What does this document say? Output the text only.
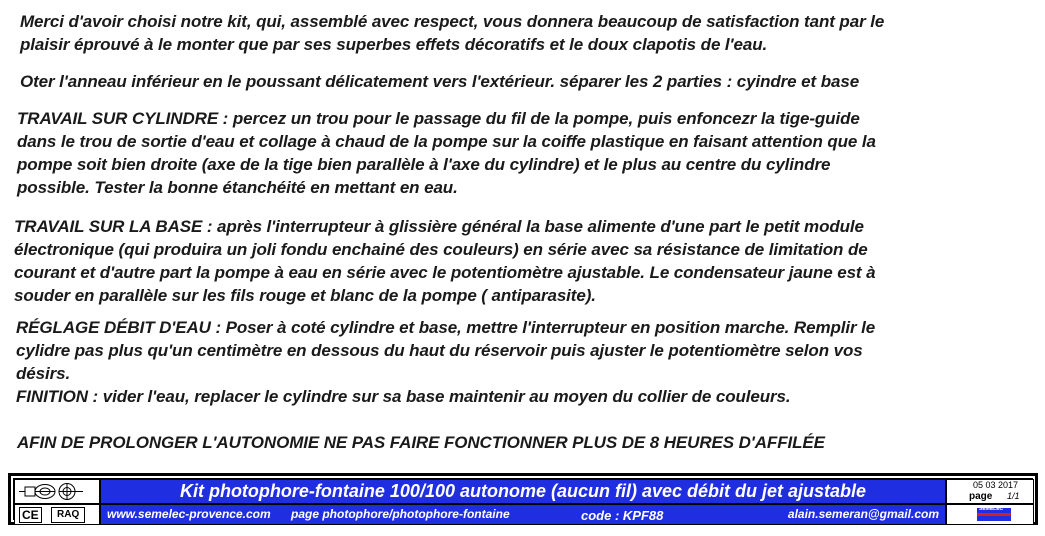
Merci d'avoir choisi notre kit, qui, assemblé avec respect, vous donnera beaucoup de satisfaction tant par le
plaisir éprouvé à le monter que par ses superbes effets décoratifs et le doux clapotis de l'eau.
Oter l'anneau inférieur en le poussant délicatement vers l'extérieur. séparer les 2 parties : cyindre et base
TRAVAIL SUR CYLINDRE : percez un trou pour le passage du fil de la pompe, puis enfoncezr la tige-guide
dans le trou de sortie d'eau et collage à chaud de la pompe sur la coiffe plastique en faisant attention que la
pompe soit bien droite (axe de la tige bien parallèle à l'axe du cylindre) et le plus au centre du cylindre
possible. Tester la bonne étanchéité en mettant en eau.
TRAVAIL SUR LA BASE : après l'interrupteur à glissière général la base alimente d'une part le petit module
électronique (qui produira un joli fondu enchainé des couleurs) en série avec sa résistance de limitation de
courant et d'autre part la pompe à eau en série avec le potentiomètre ajustable. Le condensateur jaune est à
souder en parallèle sur les fils rouge et blanc de la pompe ( antiparasite).
RÉGLAGE DÉBIT D'EAU : Poser à coté cylindre et base, mettre l'interrupteur en position marche. Remplir le
cylidre pas plus qu'un centimètre en dessous du haut du réservoir puis ajuster le potentiomètre selon vos
désirs.
FINITION : vider l'eau, replacer le cylindre sur sa base maintenir au moyen du collier de couleurs.
AFIN DE PROLONGER L'AUTONOMIE NE PAS FAIRE FONCTIONNER PLUS DE 8 HEURES D'AFFILÉE
CE	RAQ
Kit photophore-fontaine 100/100 autonome (aucun fil) avec débit du jet ajustable
www.semelec-provence.com page photophore/photophore-fontaine	code : KPF88	alain.semeran@gmail.com
05 03 2017
page 1/1
SEMELEC
